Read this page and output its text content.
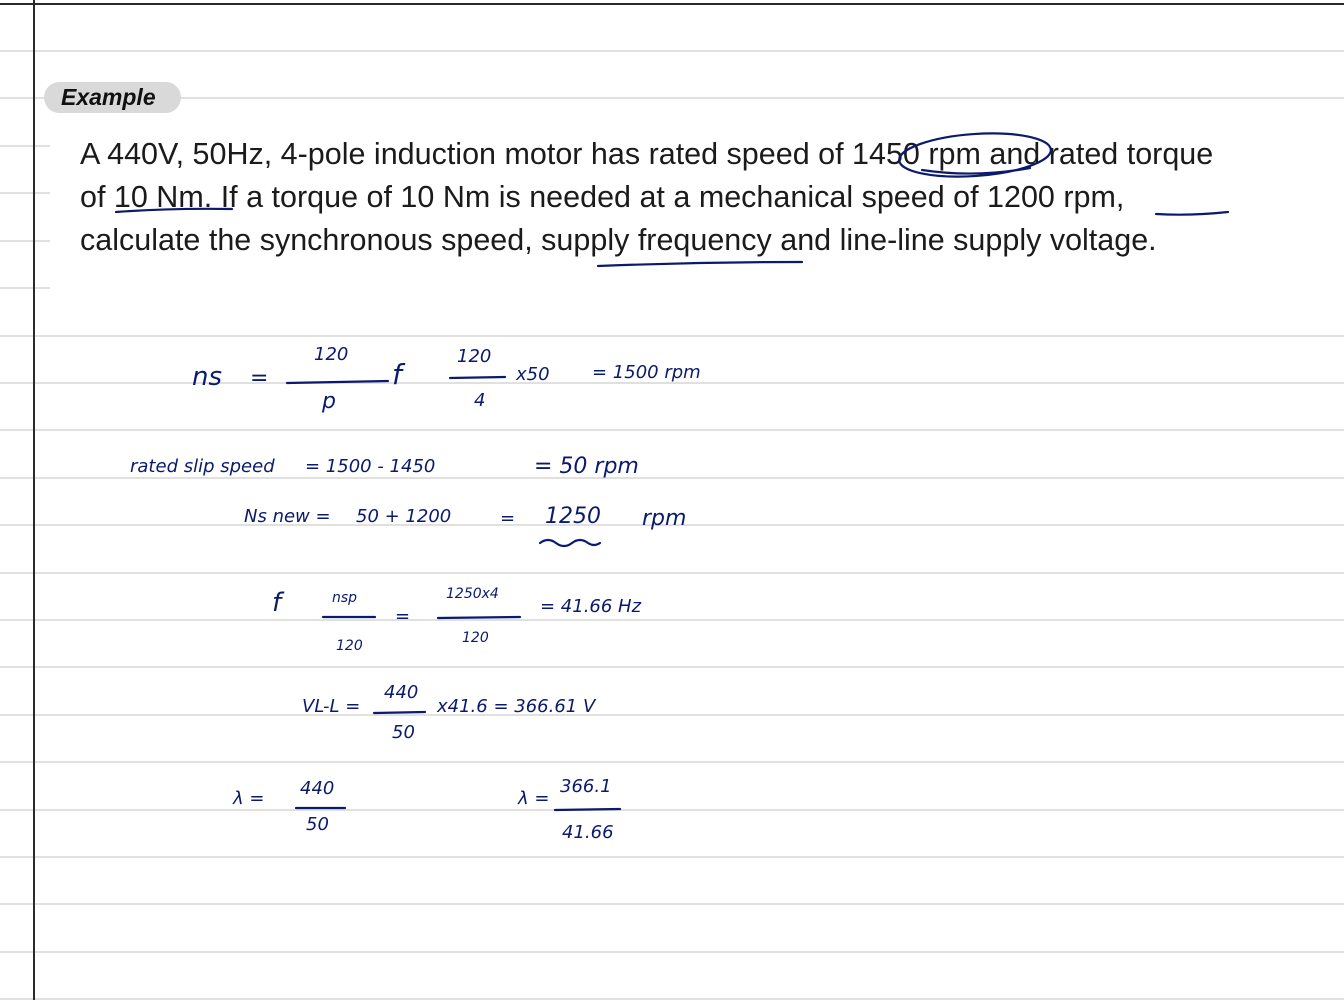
Example

A 440V, 50Hz, 4-pole induction motor has rated speed of 1450 rpm and rated torque

of 10 Nm. If a torque of 10 Nm is needed at a mechanical speed of 1200 rpm,

calculate the synchronous speed, supply frequency and line-line supply voltage.

ns =
120
p
f
120
4
x50 = 1500 rpm
rated slip speed = 1500 - 1450	= 50 rpm
Ns new = 50 + 1200	= 1250 rpm
f	nsp
120
=
1250x4
120
= 41.66 Hz
VL-L =
440
50
x41.6 = 366.61 V
λ = 440
50
λ =
366.1
41.66
